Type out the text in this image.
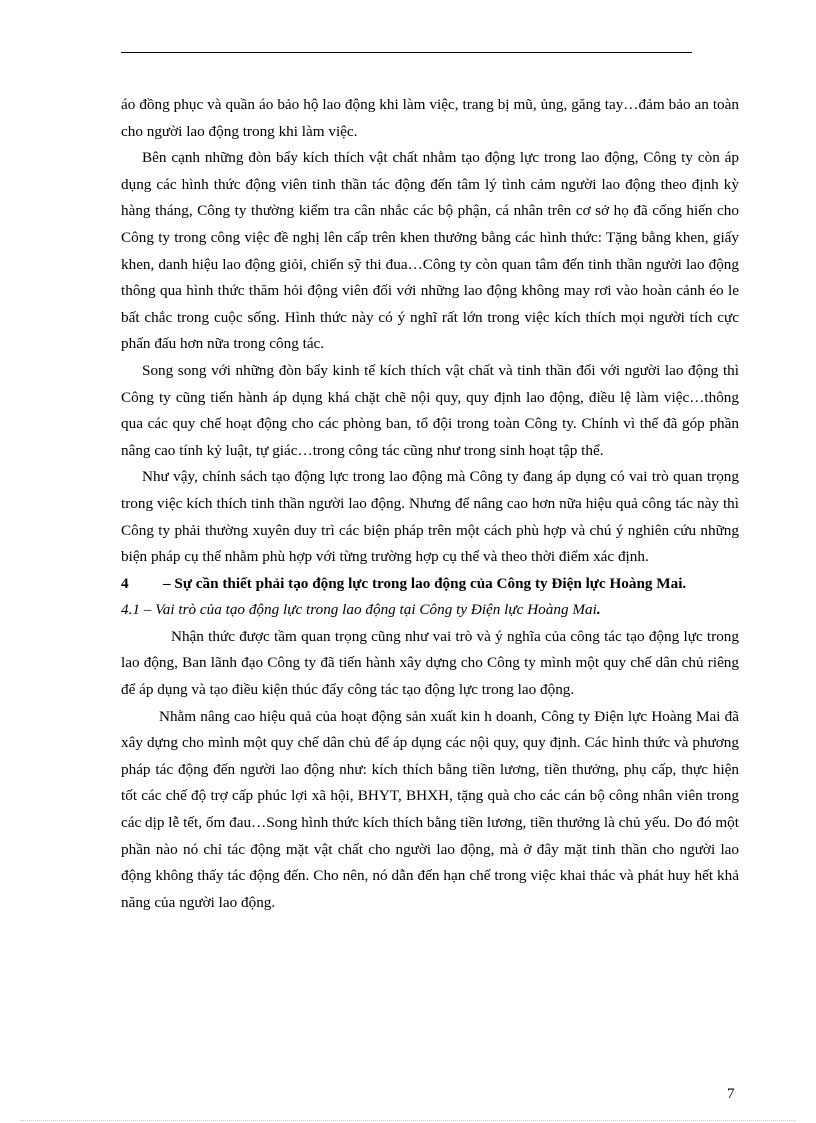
áo đồng phục và quần áo bảo hộ lao động khi làm việc, trang bị mũ, ủng, găng tay…đảm bảo an toàn cho người lao động trong khi làm việc.

Bên cạnh những đòn bẩy kích thích vật chất nhằm tạo động lực trong lao động, Công ty còn áp dụng các hình thức động viên tinh thần tác động đến tâm lý tình cảm người lao động theo định kỳ hàng tháng, Công ty thường kiểm tra cân nhắc các bộ phận, cá nhân trên cơ sở họ đã cống hiến cho Công ty trong công việc đề nghị lên cấp trên khen thưởng bằng các hình thức: Tặng bằng khen, giấy khen, danh hiệu lao động giỏi, chiến sỹ thi đua…Công ty còn quan tâm đến tinh thần người lao động thông qua hình thức thăm hỏi động viên đối với những lao động không may rơi vào hoàn cảnh éo le bất chắc trong cuộc sống. Hình thức này có ý nghĩ rất lớn trong việc kích thích mọi người tích cực phấn đấu hơn nữa trong công tác.

Song song với những đòn bẩy kinh tế kích thích vật chất và tinh thần đối với người lao động thì Công ty cũng tiến hành áp dụng khá chặt chẽ nội quy, quy định lao động, điều lệ làm việc…thông qua các quy chế hoạt động cho các phòng ban, tổ đội trong toàn Công ty. Chính vì thế đã góp phần nâng cao tính kỷ luật, tự giác…trong công tác cũng như trong sinh hoạt tập thể.

Như vậy, chính sách tạo động lực trong lao động mà Công ty đang áp dụng có vai trò quan trọng trong việc kích thích tinh thần người lao động. Nhưng để nâng cao hơn nữa hiệu quả công tác này thì Công ty phải thường xuyên duy trì các biện pháp trên một cách phù hợp và chú ý nghiên cứu những biện pháp cụ thể nhằm phù hợp với từng trường hợp cụ thể và theo thời điểm xác định.

4 – Sự cần thiết phải tạo động lực trong lao động của Công ty Điện lực Hoàng Mai.

4.1 – Vai trò của tạo động lực trong lao động tại Công ty Điện lực Hoàng Mai.

Nhận thức được tầm quan trọng cũng như vai trò và ý nghĩa của công tác tạo động lực trong lao động, Ban lãnh đạo Công ty đã tiến hành xây dựng cho Công ty mình một quy chế dân chủ riêng để áp dụng và tạo điều kiện thúc đẩy công tác tạo động lực trong lao động.

Nhằm nâng cao hiệu quả của hoạt động sản xuất kin h doanh, Công ty Điện lực Hoàng Mai đã xây dựng cho mình một quy chế dân chủ để áp dụng các nội quy, quy định. Các hình thức và phương pháp tác động đến người lao động như: kích thích bằng tiền lương, tiền thưởng, phụ cấp, thực hiện tốt các chế độ trợ cấp phúc lợi xã hội, BHYT, BHXH, tặng quà cho các cán bộ công nhân viên trong các dịp lễ tết, ốm đau…Song hình thức kích thích bằng tiền lương, tiền thưởng là chủ yếu. Do đó một phần nào nó chỉ tác động mặt vật chất cho người lao động, mà ở đây mặt tinh thần cho người lao động không thấy tác động đến. Cho nên, nó dẫn đến hạn chế trong việc khai thác và phát huy hết khả năng của người lao động.

7
